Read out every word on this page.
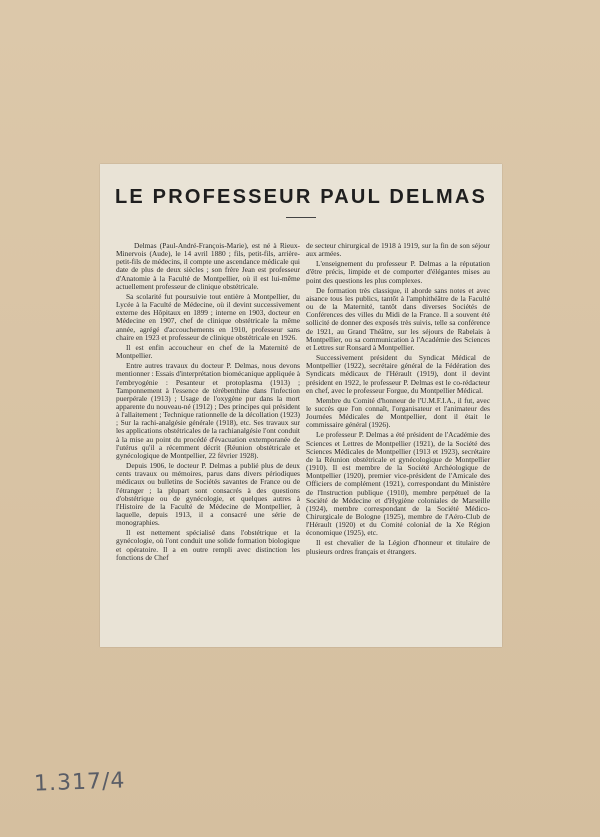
LE PROFESSEUR PAUL DELMAS

Delmas (Paul-André-François-Marie), est né à Rieux-Minervois (Aude), le 14 avril 1880 ; fils, petit-fils, arrière-petit-fils de médecins, il compte une ascendance médicale qui date de plus de deux siècles ; son frère Jean est professeur d'Anatomie à la Faculté de Montpellier, où il est lui-même actuellement professeur de clinique obstétricale.

Sa scolarité fut poursuivie tout entière à Montpellier, du Lycée à la Faculté de Médecine, où il devint successivement externe des Hôpitaux en 1899 ; interne en 1903, docteur en Médecine en 1907, chef de clinique obstétricale la même année, agrégé d'accouchements en 1910, professeur sans chaire en 1923 et professeur de clinique obstétricale en 1926.

Il est enfin accoucheur en chef de la Maternité de Montpellier.

Entre autres travaux du docteur P. Delmas, nous devons mentionner : Essais d'interprétation biomécanique appliquée à l'embryogénie : Pesanteur et protoplasma (1913) ; Tamponnement à l'essence de térébenthine dans l'infection puerpérale (1913) ; Usage de l'oxygène pur dans la mort apparente du nouveau-né (1912) ; Des principes qui président à l'allaitement ; Technique rationnelle de la décollation (1923) ; Sur la rachi-analgésie générale (1918), etc. Ses travaux sur les applications obstétricales de la rachianalgésie l'ont conduit à la mise au point du procédé d'évacuation extemporanée de l'utérus qu'il a récemment décrit (Réunion obstétricale et gynécologique de Montpellier, 22 février 1928).

Depuis 1906, le docteur P. Delmas a publié plus de deux cents travaux ou mémoires, parus dans divers périodiques médicaux ou bulletins de Sociétés savantes de France ou de l'étranger ; la plupart sont consacrés à des questions d'obstétrique ou de gynécologie, et quelques autres à l'Histoire de la Faculté de Médecine de Montpellier, à laquelle, depuis 1913, il a consacré une série de monographies.

Il est nettement spécialisé dans l'obstétrique et la gynécologie, où l'ont conduit une solide formation biologique et opératoire. Il a en outre rempli avec distinction les fonctions de Chef

de secteur chirurgical de 1918 à 1919, sur la fin de son séjour aux armées.

L'enseignement du professeur P. Delmas a la réputation d'être précis, limpide et de comporter d'élégantes mises au point des questions les plus complexes.

De formation très classique, il aborde sans notes et avec aisance tous les publics, tantôt à l'amphithéâtre de la Faculté ou de la Maternité, tantôt dans diverses Sociétés de Conférences des villes du Midi de la France. Il a souvent été sollicité de donner des exposés très suivis, telle sa conférence de 1921, au Grand Théâtre, sur les séjours de Rabelais à Montpellier, ou sa communication à l'Académie des Sciences et Lettres sur Ronsard à Montpellier.

Successivement président du Syndicat Médical de Montpellier (1922), secrétaire général de la Fédération des Syndicats médicaux de l'Hérault (1919), dont il devint président en 1922, le professeur P. Delmas est le co-rédacteur en chef, avec le professeur Forgue, du Montpellier Médical.

Membre du Comité d'honneur de l'U.M.F.I.A., il fut, avec le succès que l'on connaît, l'organisateur et l'animateur des Journées Médicales de Montpellier, dont il était le commissaire général (1926).

Le professeur P. Delmas a été président de l'Académie des Sciences et Lettres de Montpellier (1921), de la Société des Sciences Médicales de Montpellier (1913 et 1923), secrétaire de la Réunion obstétricale et gynécologique de Montpellier (1910). Il est membre de la Société Archéologique de Montpellier (1920), premier vice-président de l'Amicale des Officiers de complément (1921), correspondant du Ministère de l'Instruction publique (1910), membre perpétuel de la Société de Médecine et d'Hygiène coloniales de Marseille (1924), membre correspondant de la Société Médico-Chirurgicale de Bologne (1925), membre de l'Aéro-Club de l'Hérault (1920) et du Comité colonial de la Xe Région économique (1925), etc.

Il est chevalier de la Légion d'honneur et titulaire de plusieurs ordres français et étrangers.

1.317/4
